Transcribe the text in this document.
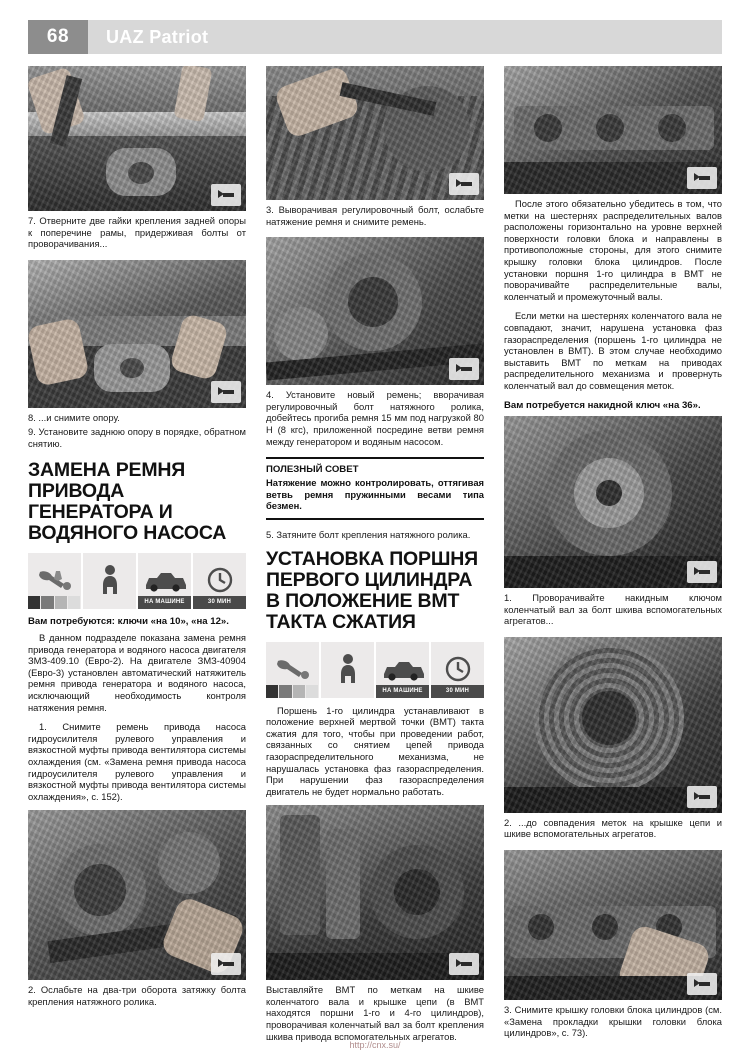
68	UAZ Patriot
7. Отверните две гайки крепления задней опоры к поперечине рамы, придерживая болты от проворачивания...
8. ...и снимите опору.
9. Установите заднюю опору в порядке, обратном снятию.
ЗАМЕНА РЕМНЯ ПРИВОДА ГЕНЕРАТОРА И ВОДЯНОГО НАСОСА
НА МАШИНЕ	30 МИН
Вам потребуются: ключи «на 10», «на 12».
В данном подразделе показана замена ремня привода генератора и водяного насоса двигателя ЗМЗ-409.10 (Евро-2). На двигателе ЗМЗ-40904 (Евро-3) установлен автоматический натяжитель ремня привода генератора и водяного насоса, исключающий необходимость контроля натяжения ремня.
1. Снимите ремень привода насоса гидроусилителя рулевого управления и вязкостной муфты привода вентилятора системы охлаждения (см. «Замена ремня привода насоса гидроусилителя рулевого управления и вязкостной муфты привода вентилятора системы охлаждения», с. 152).
2. Ослабьте на два-три оборота затяжку болта крепления натяжного ролика.
3. Выворачивая регулировочный болт, ослабьте натяжение ремня и снимите ремень.
4. Установите новый ремень; вворачивая регулировочный болт натяжного ролика, добейтесь прогиба ремня 15 мм под нагрузкой 80 Н (8 кгс), приложенной посредине ветви ремня между генератором и водяным насосом.
ПОЛЕЗНЫЙ СОВЕТ
Натяжение можно контролировать, оттягивая ветвь ремня пружинными весами типа безмен.
5. Затяните болт крепления натяжного ролика.
УСТАНОВКА ПОРШНЯ ПЕРВОГО ЦИЛИНДРА В ПОЛОЖЕНИЕ ВМТ ТАКТА СЖАТИЯ
НА МАШИНЕ	30 МИН
Поршень 1-го цилиндра устанавливают в положение верхней мертвой точки (ВМТ) такта сжатия для того, чтобы при проведении работ, связанных со снятием цепей привода газораспределительного механизма, не нарушалась установка фаз газораспределения. При нарушении фаз газораспределения двигатель не будет нормально работать.
Выставляйте ВМТ по меткам на шкиве коленчатого вала и крышке цепи (в ВМТ находятся поршни 1-го и 4-го цилиндров), проворачивая коленчатый вал за болт крепления шкива привода вспомогательных агрегатов.
После этого обязательно убедитесь в том, что метки на шестернях распределительных валов расположены горизонтально на уровне верхней поверхности головки блока и направлены в противоположные стороны, для этого снимите крышку головки блока цилиндров. После установки поршня 1-го цилиндра в ВМТ не поворачивайте распределительные валы, коленчатый и промежуточный валы.
Если метки на шестернях коленчатого вала не совпадают, значит, нарушена установка фаз газораспределения (поршень 1-го цилиндра не установлен в ВМТ). В этом случае необходимо выставить ВМТ по меткам на приводах распределительного механизма и провернуть коленчатый вал до совмещения меток.
Вам потребуется накидной ключ «на 36».
1. Проворачивайте накидным ключом коленчатый вал за болт шкива вспомогательных агрегатов...
2. ...до совпадения меток на крышке цепи и шкиве вспомогательных агрегатов.
3. Снимите крышку головки блока цилиндров (см. «Замена прокладки крышки головки блока цилиндров», с. 73).
http://cnx.su/
